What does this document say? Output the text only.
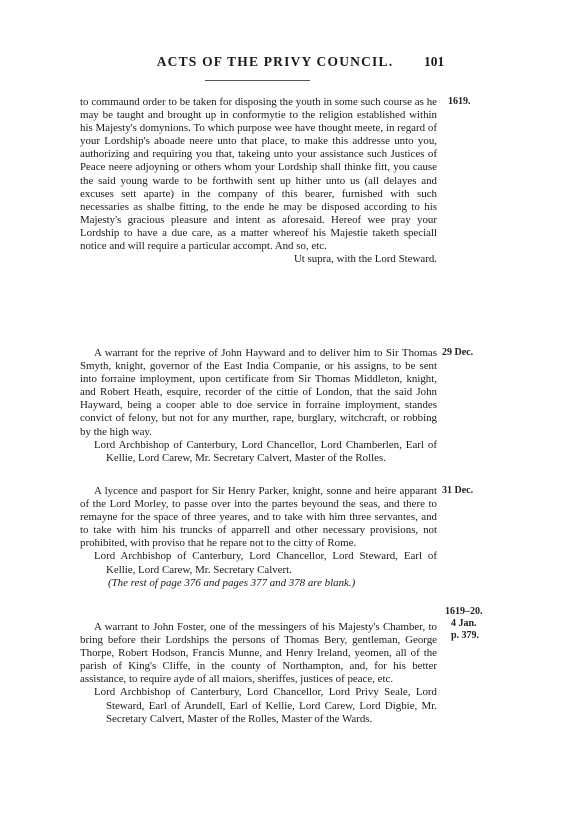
ACTS OF THE PRIVY COUNCIL.	101
1619.

to commaund order to be taken for disposing the youth in some such course as he may be taught and brought up in conformytie to the religion established within his Majesty's domynions. To which purpose wee have thought meete, in regard of your Lordship's aboade neere unto that place, to make this addresse unto you, authorizing and requiring you that, takeing unto your assistance such Justices of Peace neere adjoyning or others whom your Lordship shall thinke fitt, you cause the said young warde to be forthwith sent up hither unto us (all delayes and excuses sett aparte) in the company of this bearer, furnished with such necessaries as shalbe fitting, to the ende he may be disposed according to his Majesty's gracious pleasure and intent as aforesaid. Hereof wee pray your Lordship to have a due care, as a matter whereof his Majestie taketh speciall notice and will require a particular accompt. And so, etc.

Ut supra, with the Lord Steward.

29 Dec.

A warrant for the reprive of John Hayward and to deliver him to Sir Thomas Smyth, knight, governor of the East India Companie, or his assigns, to be sent into forraine imployment, upon certificate from Sir Thomas Middleton, knight, and Robert Heath, esquire, recorder of the cittie of London, that the said John Hayward, being a cooper able to doe service in forraine imployment, standes convict of felony, but not for any murther, rape, burglary, witchcraft, or robbing by the high way.

Lord Archbishop of Canterbury, Lord Chancellor, Lord Chamberlen, Earl of Kellie, Lord Carew, Mr. Secretary Calvert, Master of the Rolles.

31 Dec.

A lycence and pasport for Sir Henry Parker, knight, sonne and heire apparant of the Lord Morley, to passe over into the partes beyound the seas, and there to remayne for the space of three yeares, and to take with him three servantes, and to take with him his truncks of apparrell and other necessary provisions, not prohibited, with proviso that he repare not to the citty of Rome.

Lord Archbishop of Canterbury, Lord Chancellor, Lord Steward, Earl of Kellie, Lord Carew, Mr. Secretary Calvert.

(The rest of page 376 and pages 377 and 378 are blank.)

1619–20.
4 Jan.
p. 379.

A warrant to John Foster, one of the messingers of his Majesty's Chamber, to bring before their Lordships the persons of Thomas Bery, gentleman, George Thorpe, Robert Hodson, Francis Munne, and Henry Ireland, yeomen, all of the parish of King's Cliffe, in the county of Northampton, and, for his better assistance, to require ayde of all maiors, sheriffes, justices of peace, etc.

Lord Archbishop of Canterbury, Lord Chancellor, Lord Privy Seale, Lord Steward, Earl of Arundell, Earl of Kellie, Lord Carew, Lord Digbie, Mr. Secretary Calvert, Master of the Rolles, Master of the Wards.
